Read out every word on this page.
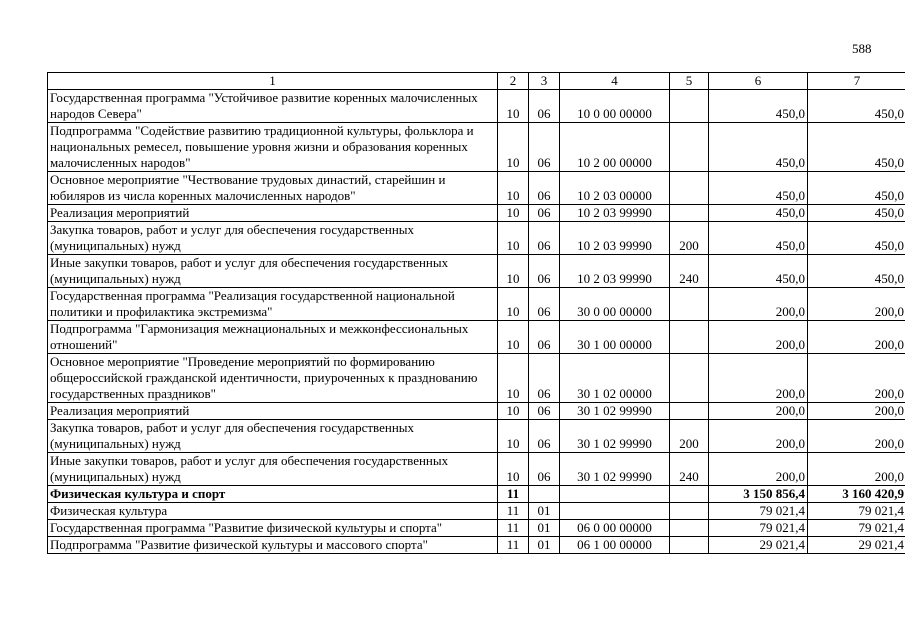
588
1	2	3	4	5	6	7
Государственная программа "Устойчивое развитие коренных малочисленных народов Севера"	10	06	10 0 00 00000		450,0	450,0
Подпрограмма "Содействие развитию традиционной культуры, фольклора и национальных ремесел, повышение уровня жизни и образования коренных малочисленных народов"	10	06	10 2 00 00000		450,0	450,0
Основное мероприятие "Чествование трудовых династий, старейшин и юбиляров из числа коренных малочисленных народов"	10	06	10 2 03 00000		450,0	450,0
Реализация мероприятий	10	06	10 2 03 99990		450,0	450,0
Закупка товаров, работ и услуг для обеспечения государственных (муниципальных) нужд	10	06	10 2 03 99990	200	450,0	450,0
Иные закупки товаров, работ и услуг для обеспечения государственных (муниципальных) нужд	10	06	10 2 03 99990	240	450,0	450,0
Государственная программа "Реализация государственной национальной политики и профилактика экстремизма"	10	06	30 0 00 00000		200,0	200,0
Подпрограмма "Гармонизация межнациональных и межконфессиональных отношений"	10	06	30 1 00 00000		200,0	200,0
Основное мероприятие "Проведение мероприятий по формированию общероссийской гражданской идентичности, приуроченных к празднованию государственных праздников"	10	06	30 1 02 00000		200,0	200,0
Реализация мероприятий	10	06	30 1 02 99990		200,0	200,0
Закупка товаров, работ и услуг для обеспечения государственных (муниципальных) нужд	10	06	30 1 02 99990	200	200,0	200,0
Иные закупки товаров, работ и услуг для обеспечения государственных (муниципальных) нужд	10	06	30 1 02 99990	240	200,0	200,0
Физическая культура и спорт	11				3 150 856,4	3 160 420,9
Физическая культура	11	01			79 021,4	79 021,4
Государственная программа "Развитие физической культуры и спорта"	11	01	06 0 00 00000		79 021,4	79 021,4
Подпрограмма "Развитие физической культуры и массового спорта"	11	01	06 1 00 00000		29 021,4	29 021,4
